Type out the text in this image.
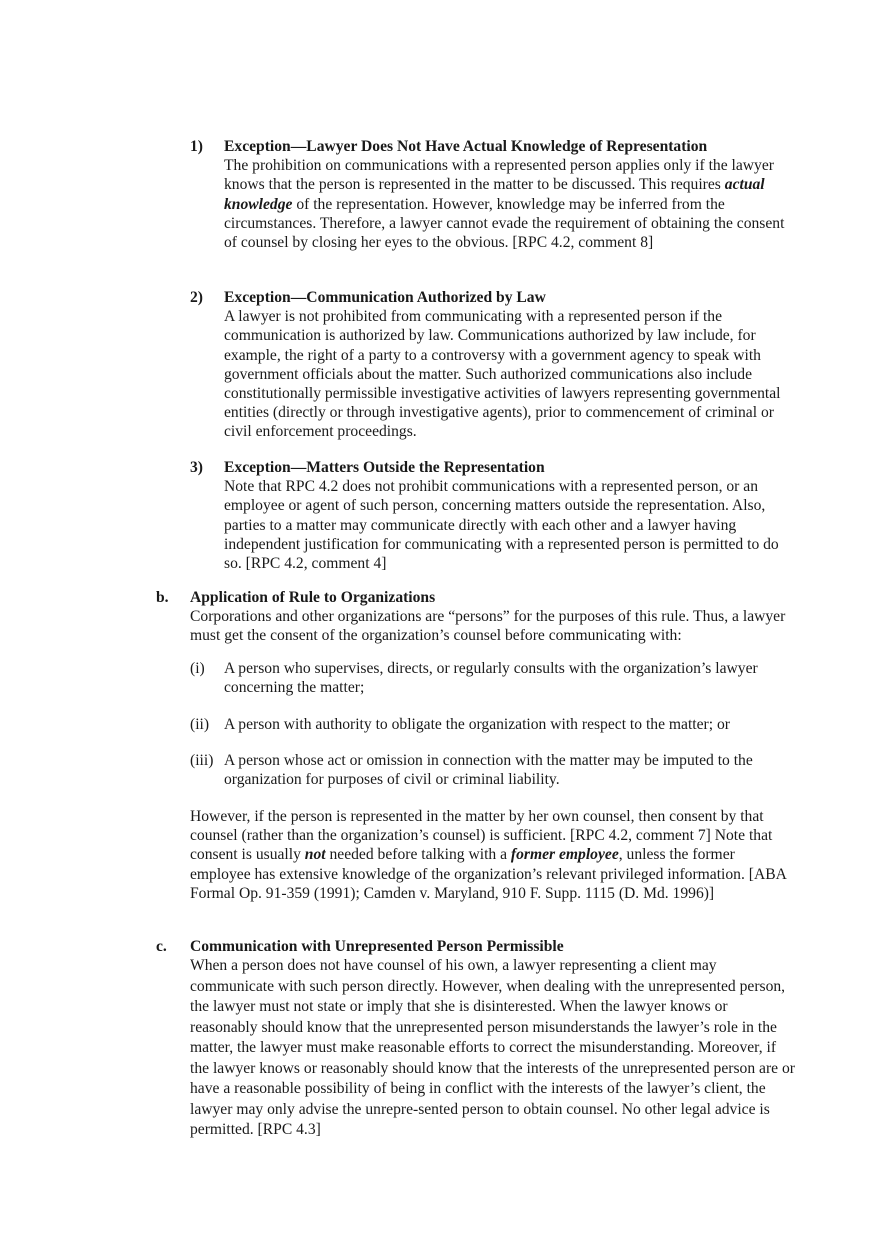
1) Exception—Lawyer Does Not Have Actual Knowledge of Representation

The prohibition on communications with a represented person applies only if the lawyer knows that the person is represented in the matter to be discussed. This requires actual knowledge of the representation. However, knowledge may be inferred from the circumstances. Therefore, a lawyer cannot evade the requirement of obtaining the consent of counsel by closing her eyes to the obvious. [RPC 4.2, comment 8]

2) Exception—Communication Authorized by Law

A lawyer is not prohibited from communicating with a represented person if the communication is authorized by law. Communications authorized by law include, for example, the right of a party to a controversy with a government agency to speak with government officials about the matter. Such authorized communications also include constitutionally permissible investigative activities of lawyers representing governmental entities (directly or through investigative agents), prior to commencement of criminal or civil enforcement proceedings.

3) Exception—Matters Outside the Representation

Note that RPC 4.2 does not prohibit communications with a represented person, or an employee or agent of such person, concerning matters outside the representation. Also, parties to a matter may communicate directly with each other and a lawyer having independent justification for communicating with a represented person is permitted to do so. [RPC 4.2, comment 4]

b. Application of Rule to Organizations

Corporations and other organizations are “persons” for the purposes of this rule. Thus, a lawyer must get the consent of the organization’s counsel before communicating with:

(i) A person who supervises, directs, or regularly consults with the organization’s lawyer concerning the matter;
(ii) A person with authority to obligate the organization with respect to the matter; or
(iii) A person whose act or omission in connection with the matter may be imputed to the organization for purposes of civil or criminal liability.

However, if the person is represented in the matter by her own counsel, then consent by that counsel (rather than the organization’s counsel) is sufficient. [RPC 4.2, comment 7] Note that consent is usually not needed before talking with a former employee, unless the former employee has extensive knowledge of the organization’s relevant privileged information. [ABA Formal Op. 91-359 (1991); Camden v. Maryland, 910 F. Supp. 1115 (D. Md. 1996)]

c. Communication with Unrepresented Person Permissible

When a person does not have counsel of his own, a lawyer representing a client may communicate with such person directly. However, when dealing with the unrepresented person, the lawyer must not state or imply that she is disinterested. When the lawyer knows or reasonably should know that the unrepresented person misunderstands the lawyer’s role in the matter, the lawyer must make reasonable efforts to correct the misunderstanding. Moreover, if the lawyer knows or reasonably should know that the interests of the unrepresented person are or have a reasonable possibility of being in conflict with the interests of the lawyer’s client, the lawyer may only advise the unrepre-sented person to obtain counsel. No other legal advice is permitted. [RPC 4.3]
